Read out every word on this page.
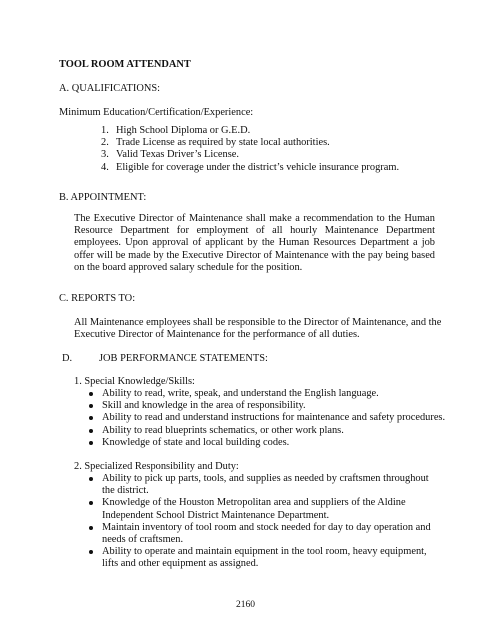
TOOL ROOM ATTENDANT
A. QUALIFICATIONS:
Minimum Education/Certification/Experience:
1. High School Diploma or G.E.D.
2. Trade License as required by state local authorities.
3. Valid Texas Driver’s License.
4. Eligible for coverage under the district’s vehicle insurance program.
B. APPOINTMENT:
The Executive Director of Maintenance shall make a recommendation to the Human Resource Department for employment of all hourly Maintenance Department employees. Upon approval of applicant by the Human Resources Department a job offer will be made by the Executive Director of Maintenance with the pay being based on the board approved salary schedule for the position.
C. REPORTS TO:
All Maintenance employees shall be responsible to the Director of Maintenance, and the Executive Director of Maintenance for the performance of all duties.
D.	JOB PERFORMANCE STATEMENTS:
1. Special Knowledge/Skills:
Ability to read, write, speak, and understand the English language.
Skill and knowledge in the area of responsibility.
Ability to read and understand instructions for maintenance and safety procedures.
Ability to read blueprints schematics, or other work plans.
Knowledge of state and local building codes.
2. Specialized Responsibility and Duty:
Ability to pick up parts, tools, and supplies as needed by craftsmen throughout the district.
Knowledge of the Houston Metropolitan area and suppliers of the Aldine Independent School District Maintenance Department.
Maintain inventory of tool room and stock needed for day to day operation and needs of craftsmen.
Ability to operate and maintain equipment in the tool room, heavy equipment, lifts and other equipment as assigned.
2160
